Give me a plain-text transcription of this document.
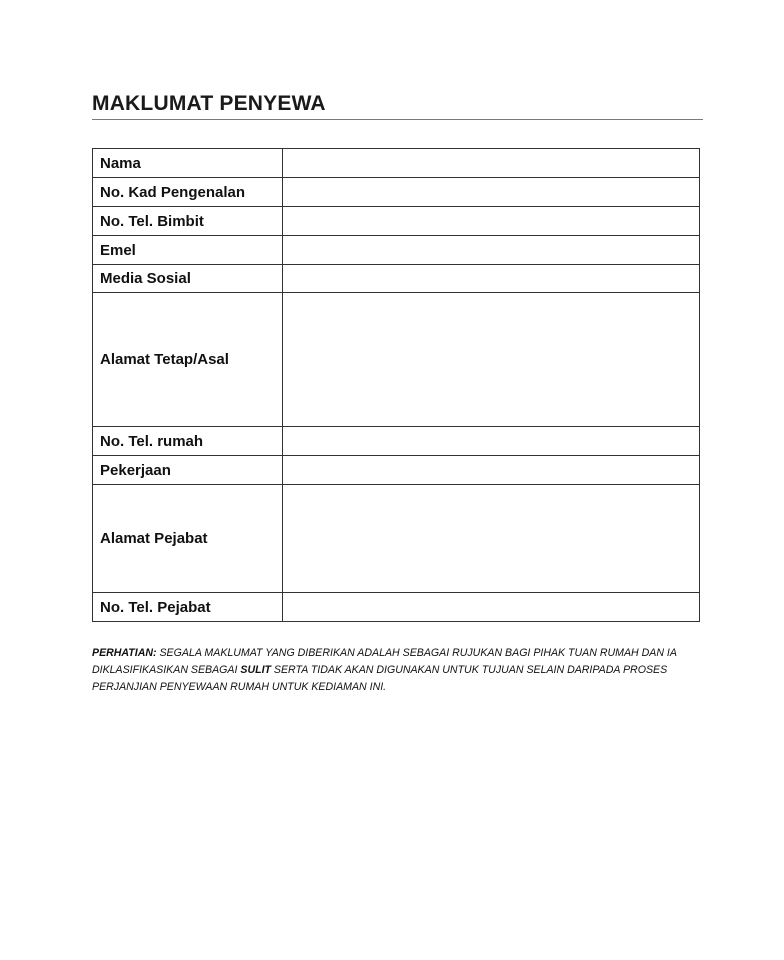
MAKLUMAT PENYEWA
Nama	
No. Kad Pengenalan	
No. Tel. Bimbit	
Emel	
Media Sosial	
Alamat Tetap/Asal	
No. Tel. rumah	
Pekerjaan	
Alamat Pejabat	
No. Tel. Pejabat	

PERHATIAN: SEGALA MAKLUMAT YANG DIBERIKAN ADALAH SEBAGAI RUJUKAN BAGI PIHAK TUAN RUMAH DAN IA DIKLASIFIKASIKAN SEBAGAI SULIT SERTA TIDAK AKAN DIGUNAKAN UNTUK TUJUAN SELAIN DARIPADA PROSES PERJANJIAN PENYEWAAN RUMAH UNTUK KEDIAMAN INI.
